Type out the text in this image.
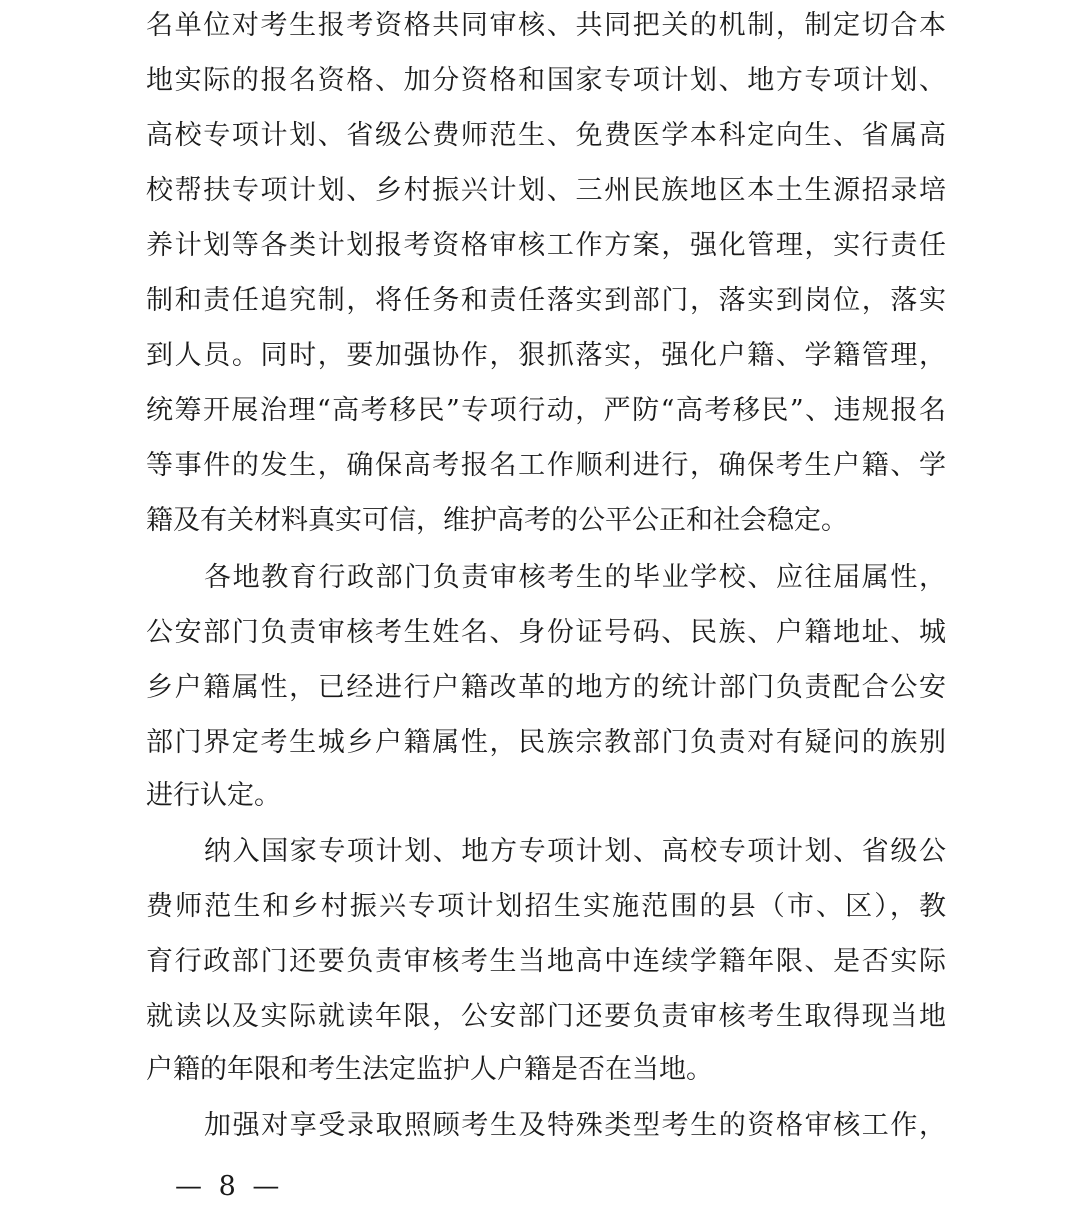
名单位对考生报考资格共同审核、共同把关的机制，制定切合本
地实际的报名资格、加分资格和国家专项计划、地方专项计划、
高校专项计划、省级公费师范生、免费医学本科定向生、省属高
校帮扶专项计划、乡村振兴计划、三州民族地区本土生源招录培
养计划等各类计划报考资格审核工作方案，强化管理，实行责任
制和责任追究制，将任务和责任落实到部门，落实到岗位，落实
到人员。同时，要加强协作，狠抓落实，强化户籍、学籍管理，
统筹开展治理“高考移民”专项行动，严防“高考移民”、违规报名
等事件的发生，确保高考报名工作顺利进行，确保考生户籍、学
籍及有关材料真实可信，维护高考的公平公正和社会稳定。
各地教育行政部门负责审核考生的毕业学校、应往届属性，
公安部门负责审核考生姓名、身份证号码、民族、户籍地址、城
乡户籍属性，已经进行户籍改革的地方的统计部门负责配合公安
部门界定考生城乡户籍属性，民族宗教部门负责对有疑问的族别
进行认定。
纳入国家专项计划、地方专项计划、高校专项计划、省级公
费师范生和乡村振兴专项计划招生实施范围的县（市、区），教
育行政部门还要负责审核考生当地高中连续学籍年限、是否实际
就读以及实际就读年限，公安部门还要负责审核考生取得现当地
户籍的年限和考生法定监护人户籍是否在当地。
加强对享受录取照顾考生及特殊类型考生的资格审核工作，
— 8 —
